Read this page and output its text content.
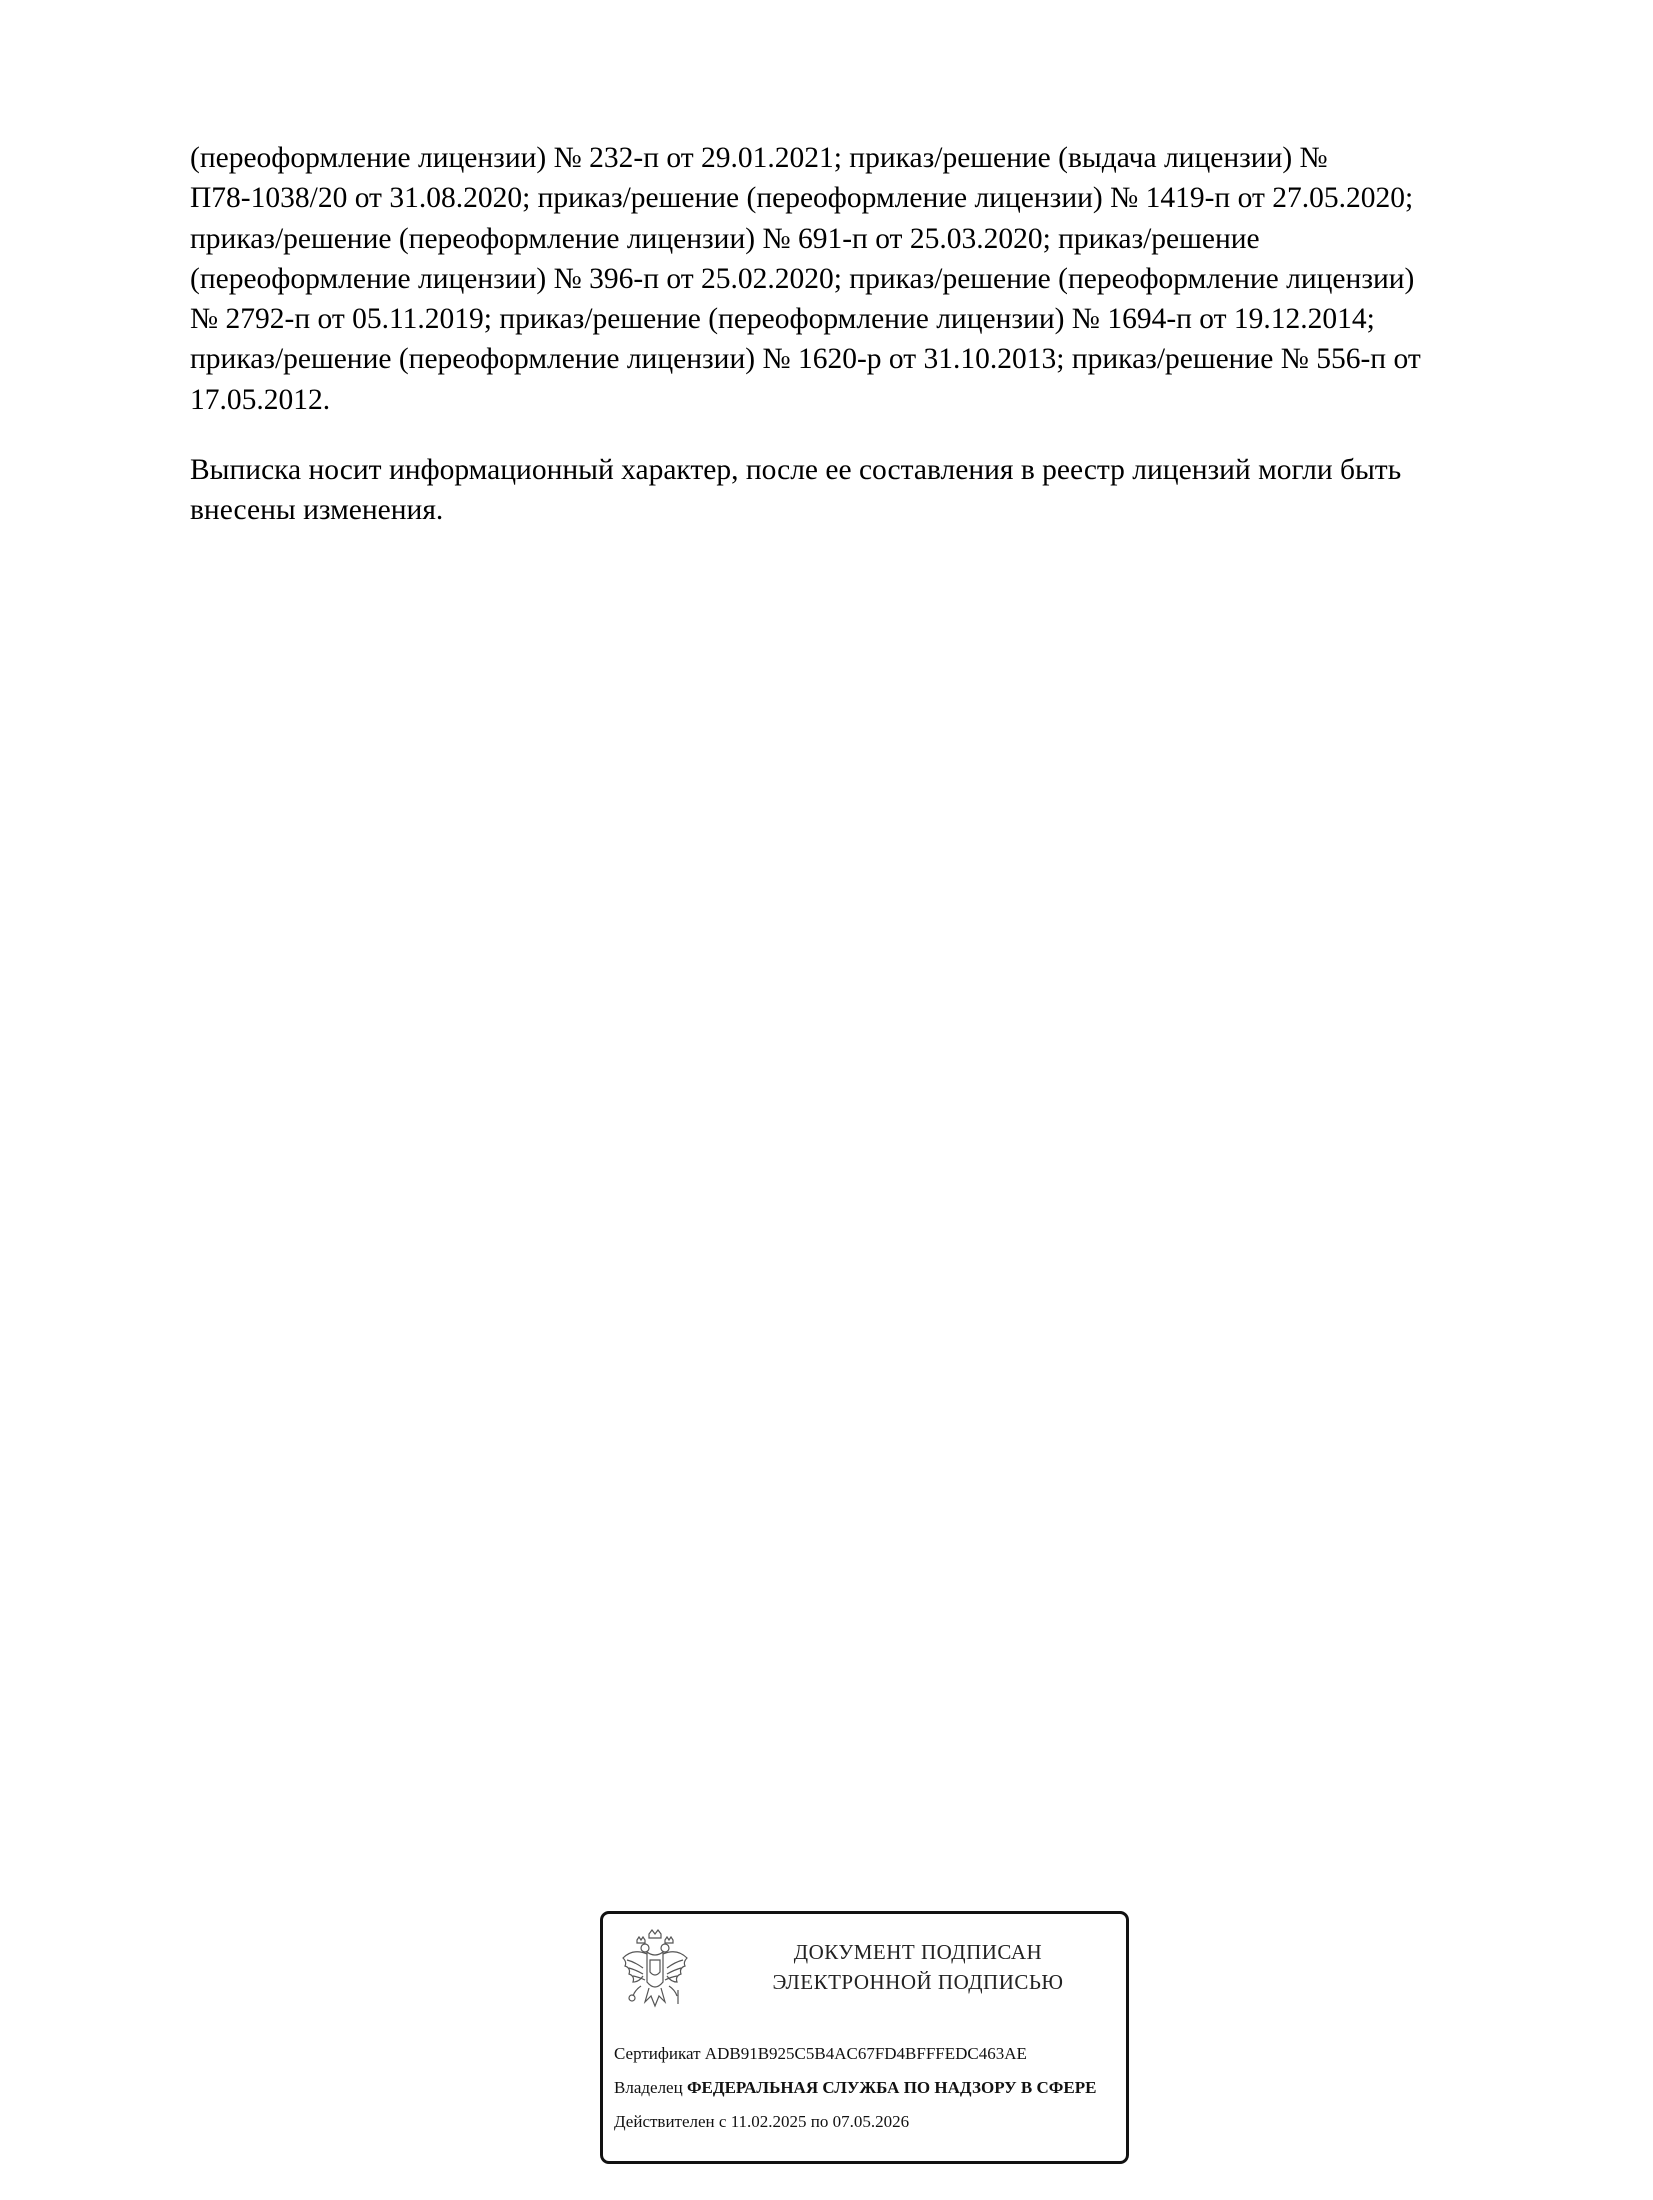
(переоформление лицензии) № 232-п от 29.01.2021; приказ/решение (выдача лицензии) №
П78-1038/20 от 31.08.2020; приказ/решение (переоформление лицензии) № 1419-п от 27.05.2020;
приказ/решение (переоформление лицензии) № 691-п от 25.03.2020; приказ/решение
(переоформление лицензии) № 396-п от 25.02.2020; приказ/решение (переоформление лицензии)
№ 2792-п от 05.11.2019; приказ/решение (переоформление лицензии) № 1694-п от 19.12.2014;
приказ/решение (переоформление лицензии) № 1620-р от 31.10.2013; приказ/решение № 556-п от
17.05.2012.

Выписка носит информационный характер, после ее составления в реестр лицензий могли быть
внесены изменения.

ДОКУМЕНТ ПОДПИСАН
ЭЛЕКТРОННОЙ ПОДПИСЬЮ
Сертификат ADB91B925C5B4AC67FD4BFFFEDC463AE
Владелец ФЕДЕРАЛЬНАЯ СЛУЖБА ПО НАДЗОРУ В СФЕРЕ
Действителен с 11.02.2025 по 07.05.2026
